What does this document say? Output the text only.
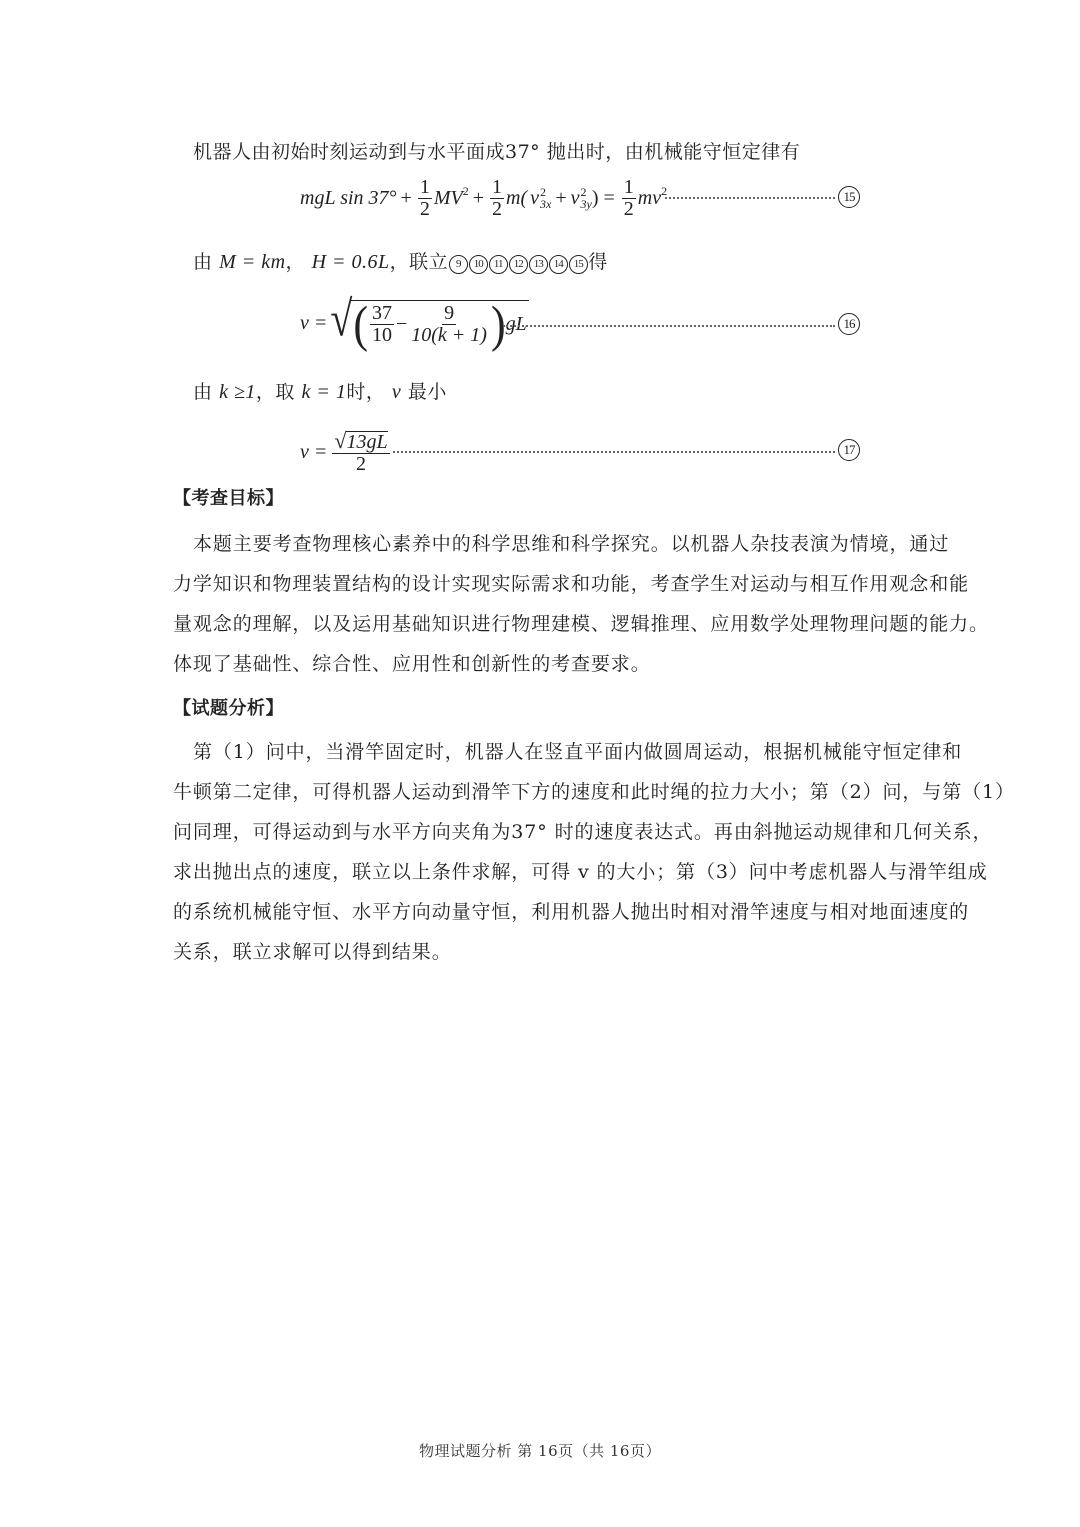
机器人由初始时刻运动到与水平面成37° 抛出时，由机械能守恒定律有
mgL $\sin 37^\circ + \frac{1}{2} MV^2 + \frac{1}{2} m$( v 2
3x + v 2
3y ) = $\frac{1}{2} mv^2$	15
由 M = km， H = 0.6L，联立 9 10 11 12 13 14 15 得
v = √ ( $\frac{37}{10} - \frac{9}{10(k + 1)}$ ) gL	16
由 k ≥1，取 k = 1时， v 最小
$v = \frac{√ 13gL}{2}$	17
【考查目标】

本题主要考查物理核心素养中的科学思维和科学探究。以机器人杂技表演为情境，通过

力学知识和物理装置结构的设计实现实际需求和功能，考查学生对运动与相互作用观念和能

量观念的理解，以及运用基础知识进行物理建模、逻辑推理、应用数学处理物理问题的能力。

体现了基础性、综合性、应用性和创新性的考查要求。

【试题分析】

第（1）问中，当滑竿固定时，机器人在竖直平面内做圆周运动，根据机械能守恒定律和

牛顿第二定律，可得机器人运动到滑竿下方的速度和此时绳的拉力大小；第（2）问，与第（1）

问同理，可得运动到与水平方向夹角为37° 时的速度表达式。再由斜抛运动规律和几何关系，

求出抛出点的速度，联立以上条件求解，可得 v 的大小；第（3）问中考虑机器人与滑竿组成

的系统机械能守恒、水平方向动量守恒，利用机器人抛出时相对滑竿速度与相对地面速度的

关系，联立求解可以得到结果。

物理试题分析 第 16页（共 16页）
